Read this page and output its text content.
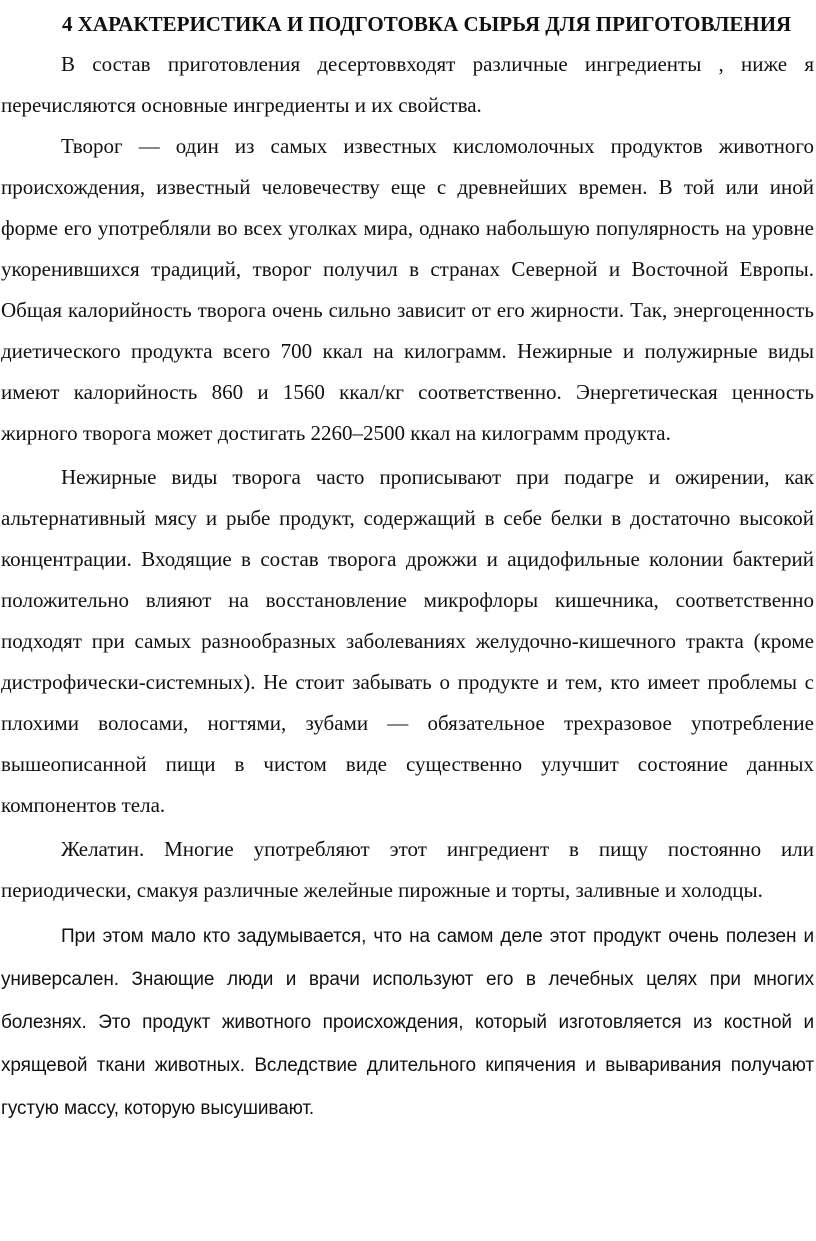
4 ХАРАКТЕРИСТИКА И ПОДГОТОВКА СЫРЬЯ ДЛЯ ПРИГОТОВЛЕНИЯ

В состав приготовления десертоввходят различные ингредиенты , ниже я перечисляются основные ингредиенты и их свойства.

Творог — один из самых известных кисломолочных продуктов животного происхождения, известный человечеству еще с древнейших времен. В той или иной форме его употребляли во всех уголках мира, однако набольшую популярность на уровне укоренившихся традиций, творог получил в странах Северной и Восточной Европы. Общая калорийность творога очень сильно зависит от его жирности. Так, энергоценность диетического продукта всего 700 ккал на килограмм. Нежирные и полужирные виды имеют калорийность 860 и 1560 ккал/кг соответственно. Энергетическая ценность жирного творога может достигать 2260–2500 ккал на килограмм продукта.

Нежирные виды творога часто прописывают при подагре и ожирении, как альтернативный мясу и рыбе продукт, содержащий в себе белки в достаточно высокой концентрации. Входящие в состав творога дрожжи и ацидофильные колонии бактерий положительно влияют на восстановление микрофлоры кишечника, соответственно подходят при самых разнообразных заболеваниях желудочно-кишечного тракта (кроме дистрофически-системных). Не стоит забывать о продукте и тем, кто имеет проблемы с плохими волосами, ногтями, зубами — обязательное трехразовое употребление вышеописанной пищи в чистом виде существенно улучшит состояние данных компонентов тела.

Желатин. Многие употребляют этот ингредиент в пищу постоянно или периодически, смакуя различные желейные пирожные и торты, заливные и холодцы.

При этом мало кто задумывается, что на самом деле этот продукт очень полезен и универсален. Знающие люди и врачи используют его в лечебных целях при многих болезнях. Это продукт животного происхождения, который изготовляется из костной и хрящевой ткани животных. Вследствие длительного кипячения и вываривания получают густую массу, которую высушивают.
